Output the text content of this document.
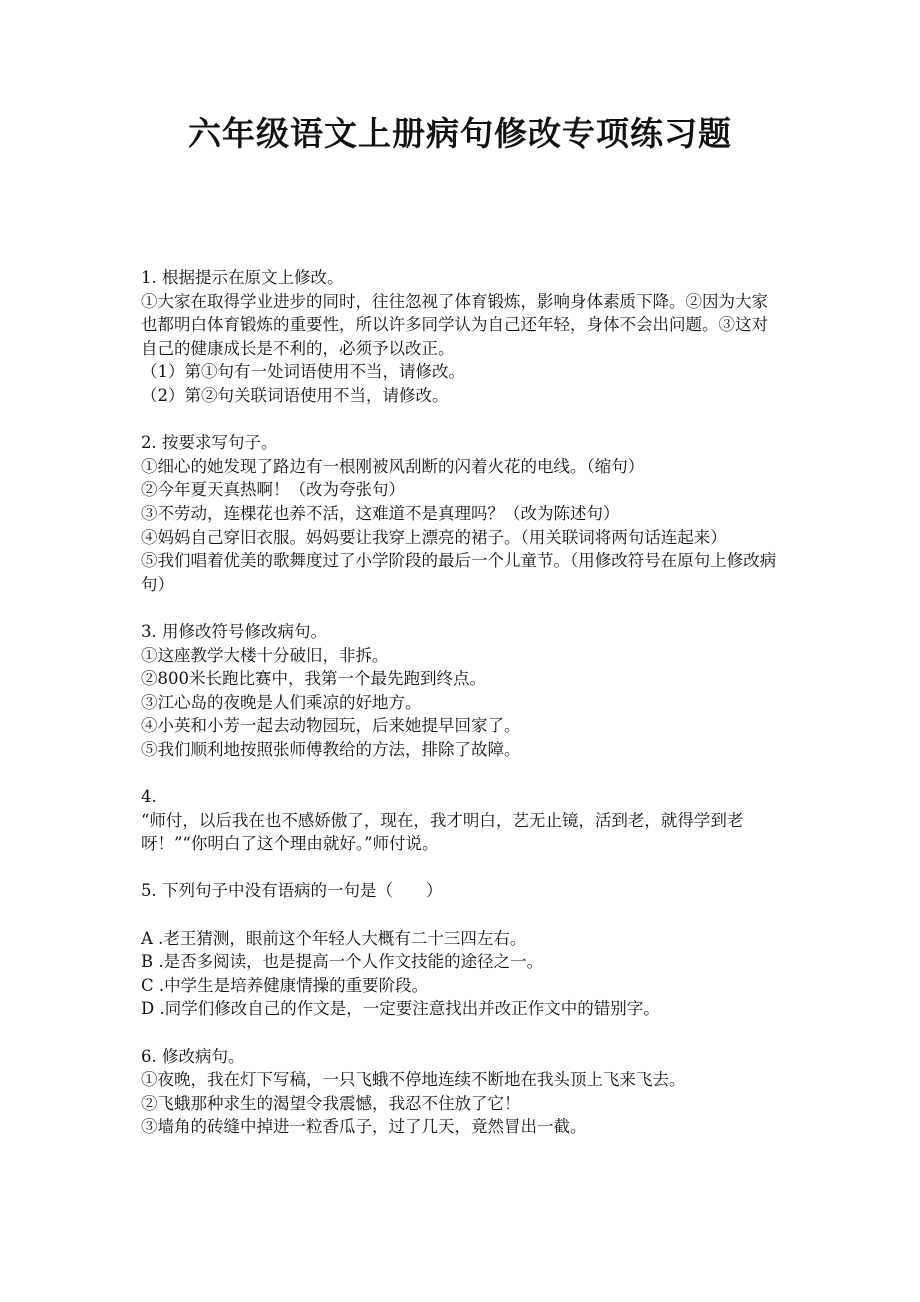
六年级语文上册病句修改专项练习题
1. 根据提示在原文上修改。
①大家在取得学业进步的同时，往往忽视了体育锻炼，影响身体素质下降。②因为大家也都明白体育锻炼的重要性，所以许多同学认为自己还年轻，身体不会出问题。③这对自己的健康成长是不利的，必须予以改正。
（1）第①句有一处词语使用不当，请修改。
（2）第②句关联词语使用不当，请修改。
2. 按要求写句子。
①细心的她发现了路边有一根刚被风刮断的闪着火花的电线。（缩句）
②今年夏天真热啊！（改为夸张句）
③不劳动，连棵花也养不活，这难道不是真理吗？（改为陈述句）
④妈妈自己穿旧衣服。妈妈要让我穿上漂亮的裙子。（用关联词将两句话连起来）
⑤我们唱着优美的歌舞度过了小学阶段的最后一个儿童节。（用修改符号在原句上修改病句）
3. 用修改符号修改病句。
①这座教学大楼十分破旧，非拆。
②800米长跑比赛中，我第一个最先跑到终点。
③江心岛的夜晚是人们乘凉的好地方。
④小英和小芳一起去动物园玩，后来她提早回家了。
⑤我们顺利地按照张师傅教给的方法，排除了故障。
4.
“师付，以后我在也不感娇傲了，现在，我才明白，艺无止镜，活到老，就得学到老呀！”“你明白了这个理由就好。”师付说。
5. 下列句子中没有语病的一句是（　　）
A .老王猜测，眼前这个年轻人大概有二十三四左右。
B .是否多阅读，也是提高一个人作文技能的途径之一。
C .中学生是培养健康情操的重要阶段。
D .同学们修改自己的作文是，一定要注意找出并改正作文中的错别字。
6. 修改病句。
①夜晚，我在灯下写稿，一只飞蛾不停地连续不断地在我头顶上飞来飞去。
②飞蛾那种求生的渴望令我震憾，我忍不住放了它！
③墙角的砖缝中掉进一粒香瓜子，过了几天，竟然冒出一截。
